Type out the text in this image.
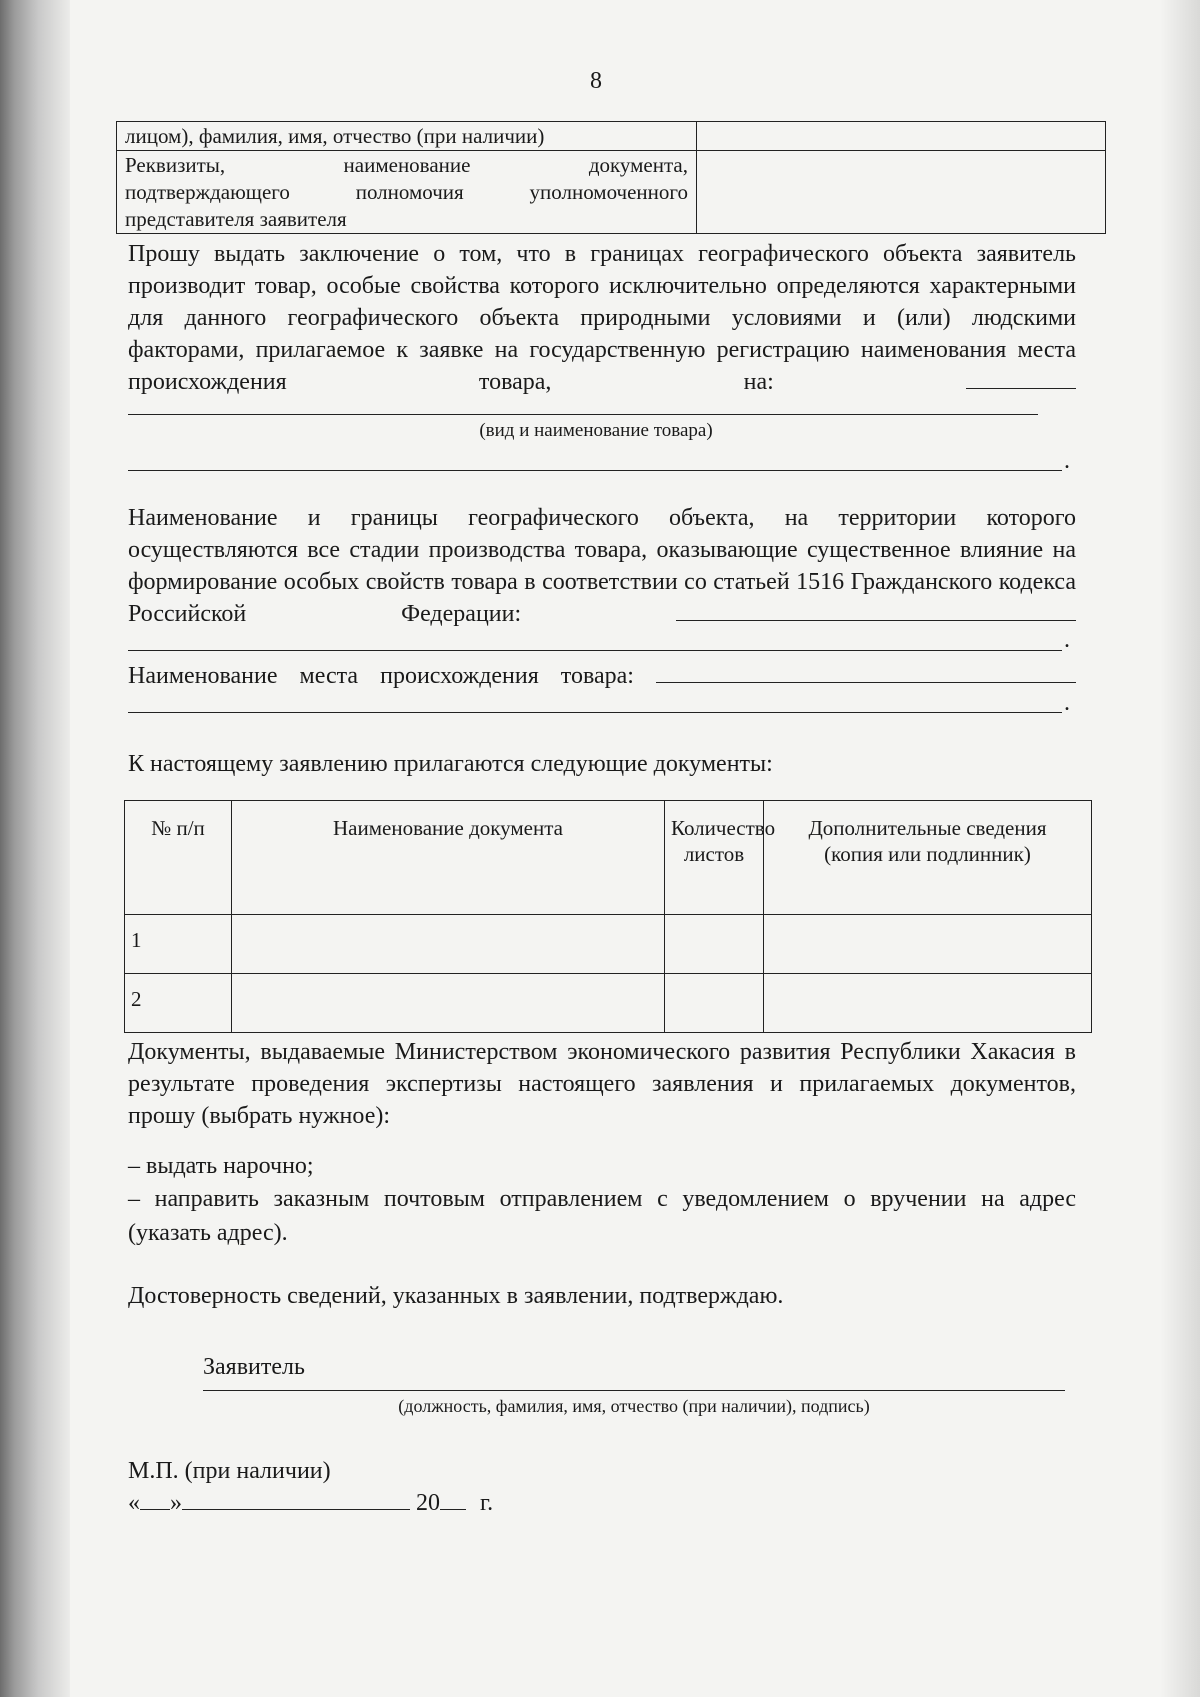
8
лицом), фамилия, имя, отчество (при наличии)	

Реквизиты, наименование документа,
подтверждающего полномочия уполномоченного
представителя заявителя	

Прошу выдать заключение о том, что в границах географического объекта заявитель производит товар, особые свойства которого исключительно определяются характерными для данного географического объекта природными условиями и (или) людскими факторами, прилагаемое к заявке на государственную регистрацию наименования места происхождения товара, на:

(вид и наименование товара)
.

Наименование и границы географического объекта, на территории которого осуществляются все стадии производства товара, оказывающие существенное влияние на формирование особых свойств товара в соответствии со статьей 1516 Гражданского кодекса Российской Федерации:

.

Наименование места происхождения товара:

.

К настоящему заявлению прилагаются следующие документы:

№ п/п	Наименование документа	Количество листов	Дополнительные сведения (копия или подлинник)
1			
2			

Документы, выдаваемые Министерством экономического развития Республики Хакасия в результате проведения экспертизы настоящего заявления и прилагаемых документов, прошу (выбрать нужное):

– выдать нарочно;

– направить заказным почтовым отправлением с уведомлением о вручении на адрес (указать адрес).

Достоверность сведений, указанных в заявлении, подтверждаю.

Заявитель
(должность, фамилия, имя, отчество (при наличии), подпись)
М.П. (при наличии)
« »	20 г.
